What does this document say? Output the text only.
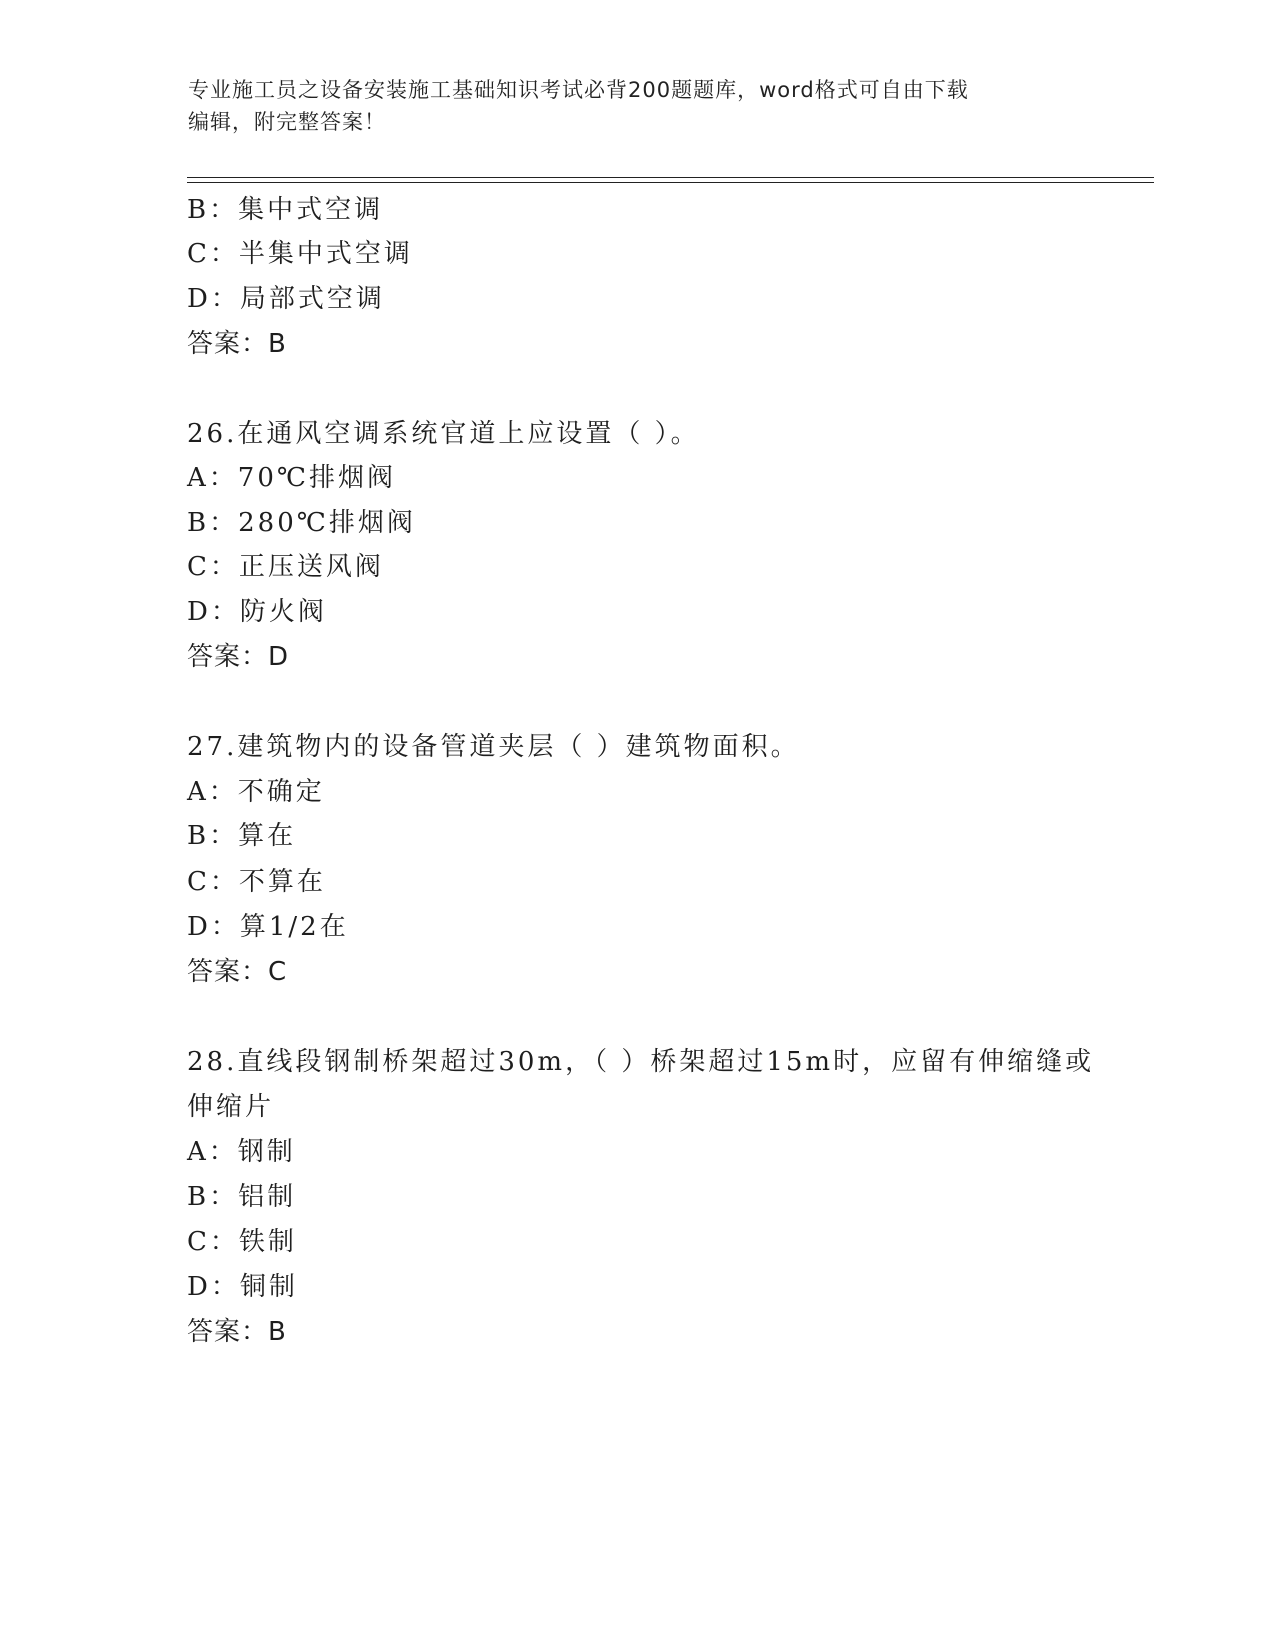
专业施工员之设备安装施工基础知识考试必背200题题库，word格式可自由下载
编辑，附完整答案！
B：集中式空调
C：半集中式空调
D：局部式空调
答案：B
26.在通风空调系统官道上应设置（ ）。
A：70℃排烟阀
B：280℃排烟阀
C：正压送风阀
D：防火阀
答案：D
27.建筑物内的设备管道夹层（ ）建筑物面积。
A：不确定
B：算在
C：不算在
D：算1/2在
答案：C
28.直线段钢制桥架超过30m，（ ）桥架超过15m时，应留有伸缩缝或
伸缩片
A：钢制
B：铝制
C：铁制
D：铜制
答案：B
